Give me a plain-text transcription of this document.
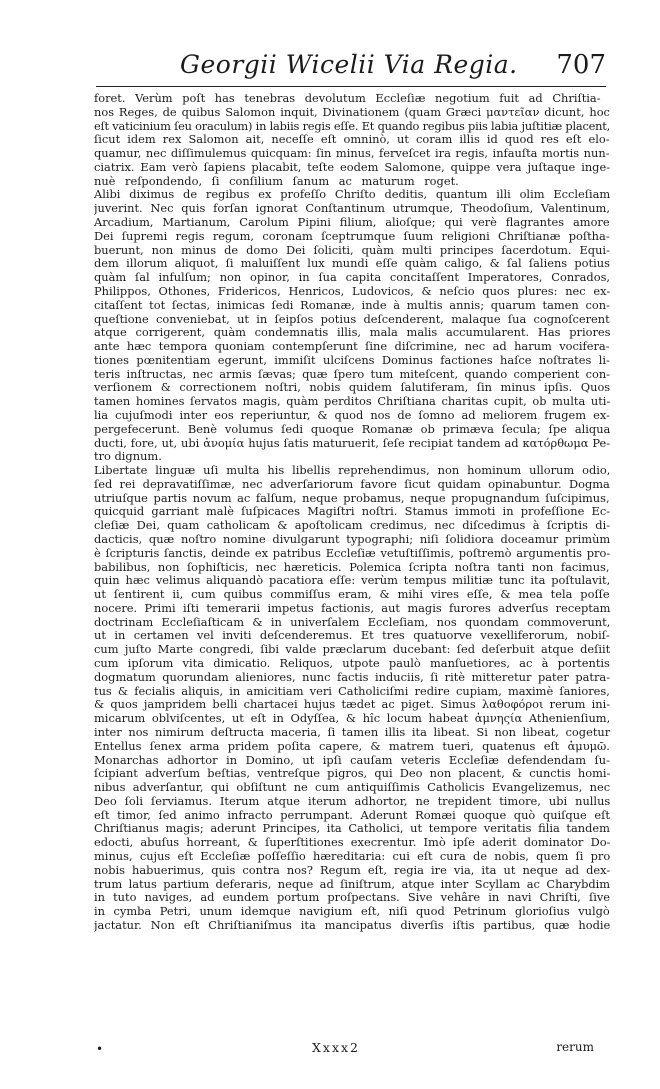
Georgii Wicelii Via Regia. 707
foret. Verùm poſt has tenebras devolutum Eccleſiæ negotium fuit ad Chriſtia-
nos Reges, de quibus Salomon inquit, Divinationem (quam Græci μαντεῖαν dicunt, hoc
eſt vaticinium ſeu oraculum) in labiis regis eſſe. Et quando regibus piis labia juſtitiæ placent,
ſicut idem rex Salomon ait, neceſſe eſt omninò, ut coram illis id quod res eſt elo-
quamur, nec diſſimulemus quicquam: ſin minus, ferveſcet ira regis, infauſta mortis nun-
ciatrix. Eam verò ſapiens placabit, teſte eodem Salomone, quippe vera juſtaque inge-
nuè reſpondendo, ſi conſilium ſanum ac maturum roget.
Alibi diximus de regibus ex profeſſo Chriſto deditis, quantum illi olim Eccleſiam
juverint. Nec quis forſan ignorat Conſtantinum utrumque, Theodoſium, Valentinum,
Arcadium, Martianum, Carolum Pipini filium, alioſque; qui verè flagrantes amore
Dei ſupremi regis regum, coronam ſceptrumque ſuum religioni Chriſtianæ poſtha-
buerunt, non minus de domo Dei ſoliciti, quàm multi principes ſacerdotum. Equi-
dem illorum aliquot, ſi maluiſſent lux mundi eſſe quàm caligo, & ſal ſaliens potius
quàm ſal infulſum; non opinor, in ſua capita concitaſſent Imperatores, Conrados,
Philippos, Othones, Fridericos, Henricos, Ludovicos, & neſcio quos plures: nec ex-
citaſſent tot ſectas, inimicas ſedi Romanæ, inde à multis annis; quarum tamen con-
queſtione conveniebat, ut in ſeipſos potius deſcenderent, malaque ſua cognoſcerent
atque corrigerent, quàm condemnatis illis, mala malis accumularent. Has priores
ante hæc tempora quoniam contempſerunt ſine diſcrimine, nec ad harum vocifera-
tiones pœnitentiam egerunt, immiſit ulciſcens Dominus factiones haſce noſtrates li-
teris inſtructas, nec armis ſævas; quæ ſpero tum miteſcent, quando comperient con-
verſionem & correctionem noſtri, nobis quidem ſalutiferam, ſin minus ipſis. Quos
tamen homines ſervatos magis, quàm perditos Chriſtiana charitas cupit, ob multa uti-
lia cujuſmodi inter eos reperiuntur, & quod nos de ſomno ad meliorem frugem ex-
pergefecerunt. Benè volumus ſedi quoque Romanæ ob primæva ſecula; ſpe aliqua
ducti, fore, ut, ubi ἀνομία hujus ſatis maturuerit, ſeſe recipiat tandem ad κατόρθωμα Pe-
tro dignum.
Libertate linguæ uſi multa his libellis reprehendimus, non hominum ullorum odio,
ſed rei depravatiſſimæ, nec adverſariorum favore ſicut quidam opinabuntur. Dogma
utriuſque partis novum ac falſum, neque probamus, neque propugnandum ſuſcipimus,
quicquid garriant malè ſuſpicaces Magiſtri noſtri. Stamus immoti in profeſſione Ec-
cleſiæ Dei, quam catholicam & apoſtolicam credimus, nec diſcedimus à ſcriptis di-
dacticis, quæ noſtro nomine divulgarunt typographi; niſi ſolidiora doceamur primùm
è ſcripturis ſanctis, deinde ex patribus Eccleſiæ vetuſtiſſimis, poſtremò argumentis pro-
babilibus, non ſophiſticis, nec hæreticis. Polemica ſcripta noſtra tanti non facimus,
quin hæc velimus aliquandò pacatiora eſſe: verùm tempus militiæ tunc ita poſtulavit,
ut ſentirent ii, cum quibus commiſſus eram, & mihi vires eſſe, & mea tela poſſe
nocere. Primi iſti temerarii impetus factionis, aut magis furores adverſus receptam
doctrinam Eccleſiaſticam & in univerſalem Eccleſiam, nos quondam commoverunt,
ut in certamen vel inviti deſcenderemus. Et tres quatuorve vexelliferorum, nobiſ-
cum juſto Marte congredi, ſibi valde præclarum ducebant: ſed deſerbuit atque deſiit
cum ipſorum vita dimicatio. Reliquos, utpote paulò manſuetiores, ac à portentis
dogmatum quorundam alieniores, nunc factis induciis, ſi ritè mitteretur pater patra-
tus & fecialis aliquis, in amicitiam veri Catholiciſmi redire cupiam, maximè ſaniores,
& quos jampridem belli chartacei hujus tædet ac piget. Simus λαθοφόροι rerum ini-
micarum oblviſcentes, ut eſt in Odyſſea, & hîc locum habeat ἀμνηςία Athenienſium,
inter nos nimirum deſtructa maceria, ſi tamen illis ita libeat. Si non libeat, cogetur
Entellus ſenex arma pridem poſita capere, & matrem tueri, quatenus eſt ἀμυμῶ.
Monarchas adhortor in Domino, ut ipſi cauſam veteris Eccleſiæ defendendam ſu-
ſcipiant adverſum beſtias, ventreſque pigros, qui Deo non placent, & cunctis homi-
nibus adverſantur, qui obſiſtunt ne cum antiquiſſimis Catholicis Evangelizemus, nec
Deo ſoli ſerviamus. Iterum atque iterum adhortor, ne trepident timore, ubi nullus
eſt timor, ſed animo infracto perrumpant. Aderunt Romæi quoque quò quiſque eſt
Chriſtianus magis; aderunt Principes, ita Catholici, ut tempore veritatis filia tandem
edocti, abuſus horreant, & ſuperſtitiones execrentur. Imò ipſe aderit dominator Do-
minus, cujus eſt Eccleſiæ poſſeſſio hæreditaria: cui eſt cura de nobis, quem ſi pro
nobis habuerimus, quis contra nos? Regum eſt, regia ire via, ita ut neque ad dex-
trum latus partium deferaris, neque ad ſiniſtrum, atque inter Scyllam ac Charybdim
in tuto naviges, ad eundem portum proſpectans. Sive vehâre in navi Chriſti, ſive
in cymba Petri, unum idemque navigium eſt, niſi quod Petrinum glorioſius vulgò
jactatur. Non eſt Chriſtianiſmus ita mancipatus diverſis iſtis partibus, quæ hodie
•	Xxxx2	rerum
